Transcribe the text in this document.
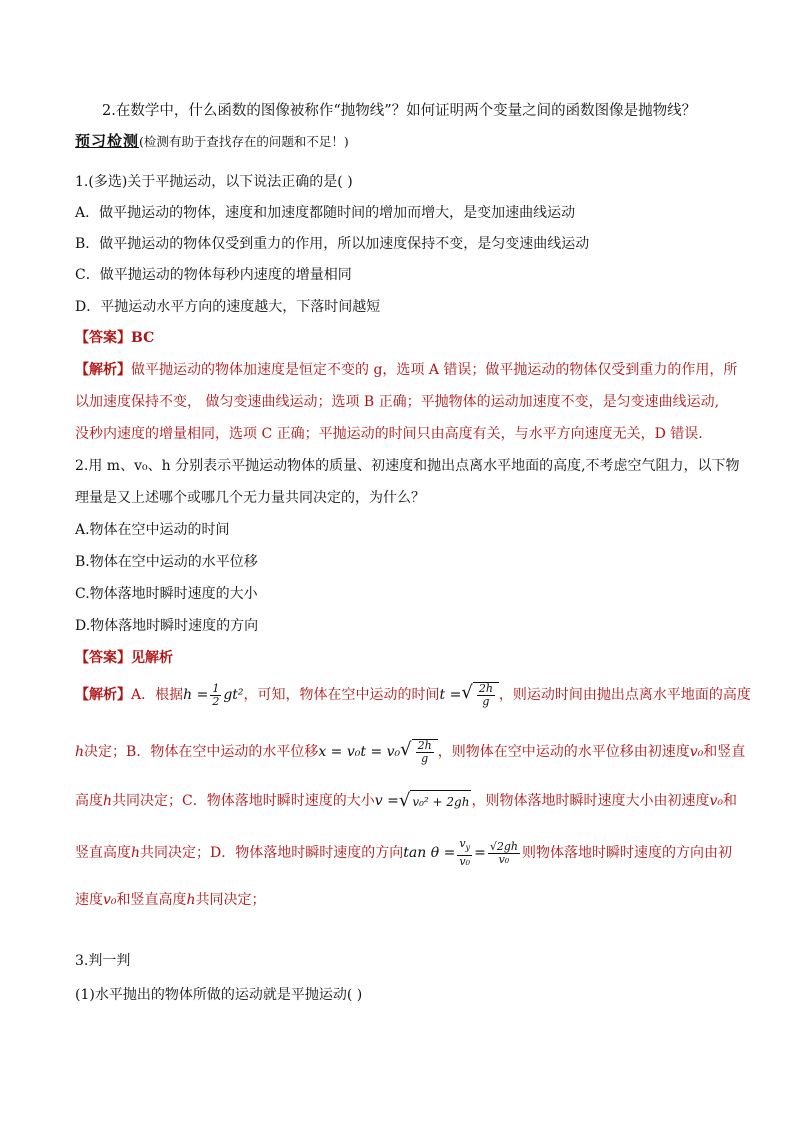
2.在数学中，什么函数的图像被称作“抛物线”？如何证明两个变量之间的函数图像是抛物线？
预习检测(检测有助于查找存在的问题和不足！)
1.(多选)关于平抛运动，以下说法正确的是( )
A．做平抛运动的物体，速度和加速度都随时间的增加而增大，是变加速曲线运动
B．做平抛运动的物体仅受到重力的作用，所以加速度保持不变，是匀变速曲线运动
C．做平抛运动的物体每秒内速度的增量相同
D．平抛运动水平方向的速度越大，下落时间越短
【答案】BC
【解析】做平抛运动的物体加速度是恒定不变的 g，选项 A 错误；做平抛运动的物体仅受到重力的作用，所
以加速度保持不变， 做匀变速曲线运动；选项 B 正确；平抛物体的运动加速度不变，是匀变速曲线运动,
没秒内速度的增量相同，选项 C 正确；平抛运动的时间只由高度有关，与水平方向速度无关，D 错误.
2.用 m、v₀、h 分别表示平抛运动物体的质量、初速度和抛出点离水平地面的高度,不考虑空气阻力，以下物
理量是又上述哪个或哪几个无力量共同决定的，为什么？
A.物体在空中运动的时间
B.物体在空中运动的水平位移
C.物体落地时瞬时速度的大小
D.物体落地时瞬时速度的方向
【答案】见解析
【解析】 A．根据 $h = \frac{1}{2} gt^2$ ，可知，物体在空中运动的时间 t = √ $\frac{2h}{g}$ ，则运动时间由抛出点离水平地面的高度
h 决定；B．物体在空中运动的水平位移 x = v₀t = v₀ √ $\frac{2h}{g}$ ，则物体在空中运动的水平位移由初速度 v₀ 和竖直
高度 h 共同决定；C．物体落地时瞬时速度的大小 v = √ v₀² + 2gh ，则物体落地时瞬时速度大小由初速度 v₀ 和
竖直高度 h 共同决定；D．物体落地时瞬时速度的方向 $\tan \theta = \frac{v_y}{\text{v₀}} = \frac{√2gh}{\text{v₀}}$ 则物体落地时瞬时速度的方向由初
速度 v₀ 和竖直高度 h 共同决定；
3.判一判
(1)水平抛出的物体所做的运动就是平抛运动( )
